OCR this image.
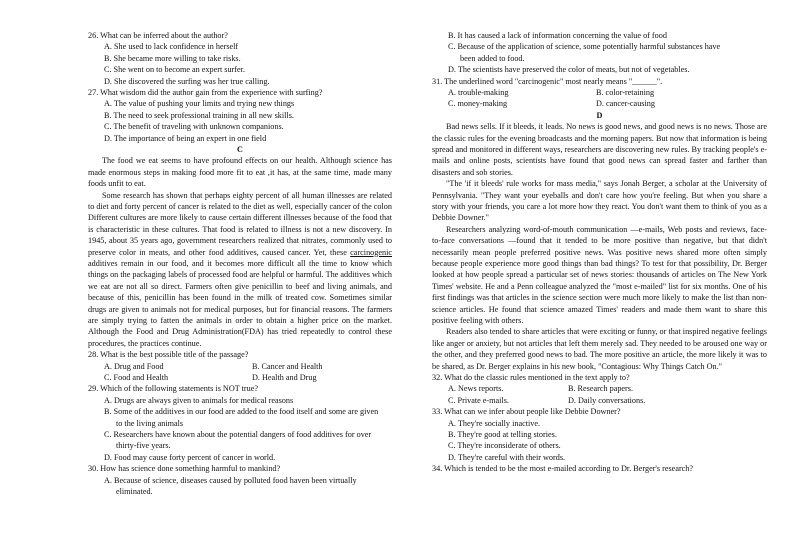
26. What can be inferred about the author?
A. She used to lack confidence in herself
B. She became more willing to take risks.
C. She went on to become an expert surfer.
D. She discovered the surfing was her true calling.
27. What wisdom did the author gain from the experience with surfing?
A. The value of pushing your limits and trying new things
B. The need to seek professional training in all new skills.
C. The benefit of traveling with unknown companions.
D. The importance of being an expert in one field
C
The food we eat seems to have profound effects on our health. Although science has made enormous steps in making food more fit to eat ,it has, at the same time, made many foods unfit to eat.
Some research has shown that perhaps eighty percent of all human illnesses are related to diet and forty percent of cancer is related to the diet as well, especially cancer of the colon Different cultures are more likely to cause certain different illnesses because of the food that is characteristic in these cultures. That food is related to illness is not a new discovery. In 1945, about 35 years ago, government researchers realized that nitrates, commonly used to preserve color in meats, and other food additives, caused cancer. Yet, these carcinogenic additives remain in our food, and it becomes more difficult all the time to know which things on the packaging labels of processed food are helpful or harmful. The additives which we eat are not all so direct. Farmers often give penicillin to beef and living animals, and because of this, penicillin has been found in the milk of treated cow. Sometimes similar drugs are given to animals not for medical purposes, but for financial reasons. The farmers are simply trying to fatten the animals in order to obtain a higher price on the market. Although the Food and Drug Administration(FDA) has tried repeatedly to control these procedures, the practices continue.
28. What is the best possible title of the passage?
A. Drug and Food	B. Cancer and Health
C. Food and Health	D. Health and Drug
29. Which of the following statements is NOT true?
A. Drugs are always given to animals for medical reasons
B. Some of the additives in our food are added to the food itself and some are given
to the living animals
C. Researchers have known about the potential dangers of food additives for over
thirty-five years.
D. Food may cause forty percent of cancer in world.
30. How has science done something harmful to mankind?
A. Because of science, diseases caused by polluted food haven been virtually
eliminated.
B. It has caused a lack of information concerning the value of food
C. Because of the application of science, some potentially harmful substances have
been added to food.
D. The scientists have preserved the color of meats, but not of vegetables.
31. The underlined word "carcinogenic" most nearly means "______".
A. trouble-making	B. color-retaining
C. money-making	D. cancer-causing
D
Bad news sells. If it bleeds, it leads. No news is good news, and good news is no news. Those are the classic rules for the evening broadcasts and the morning papers. But now that information is being spread and monitored in different ways, researchers are discovering new rules. By tracking people's e-mails and online posts, scientists have found that good news can spread faster and farther than disasters and sob stories.
"The 'if it bleeds' rule works for mass media," says Jonah Berger, a scholar at the University of Pennsylvania. "They want your eyeballs and don't care how you're feeling. But when you share a story with your friends, you care a lot more how they react. You don't want them to think of you as a Debbie Downer."
Researchers analyzing word-of-mouth communication —e-mails, Web posts and reviews, face-to-face conversations —found that it tended to be more positive than negative, but that didn't necessarily mean people preferred positive news. Was positive news shared more often simply because people experience more good things than bad things? To test for that possibility, Dr. Berger looked at how people spread a particular set of news stories: thousands of articles on The New York Times' website. He and a Penn colleague analyzed the "most e-mailed" list for six months. One of his first findings was that articles in the science section were much more likely to make the list than non-science articles. He found that science amazed Times' readers and made them want to share this positive feeling with others.
Readers also tended to share articles that were exciting or funny, or that inspired negative feelings like anger or anxiety, but not articles that left them merely sad. They needed to be aroused one way or the other, and they preferred good news to bad. The more positive an article, the more likely it was to be shared, as Dr. Berger explains in his new book, "Contagious: Why Things Catch On."
32. What do the classic rules mentioned in the text apply to?
A. News reports.	B. Research papers.
C. Private e-mails.	D. Daily conversations.
33. What can we infer about people like Debbie Downer?
A. They're socially inactive.
B. They're good at telling stories.
C. They're inconsiderate of others.
D. They're careful with their words.
34. Which is tended to be the most e-mailed according to Dr. Berger's research?
